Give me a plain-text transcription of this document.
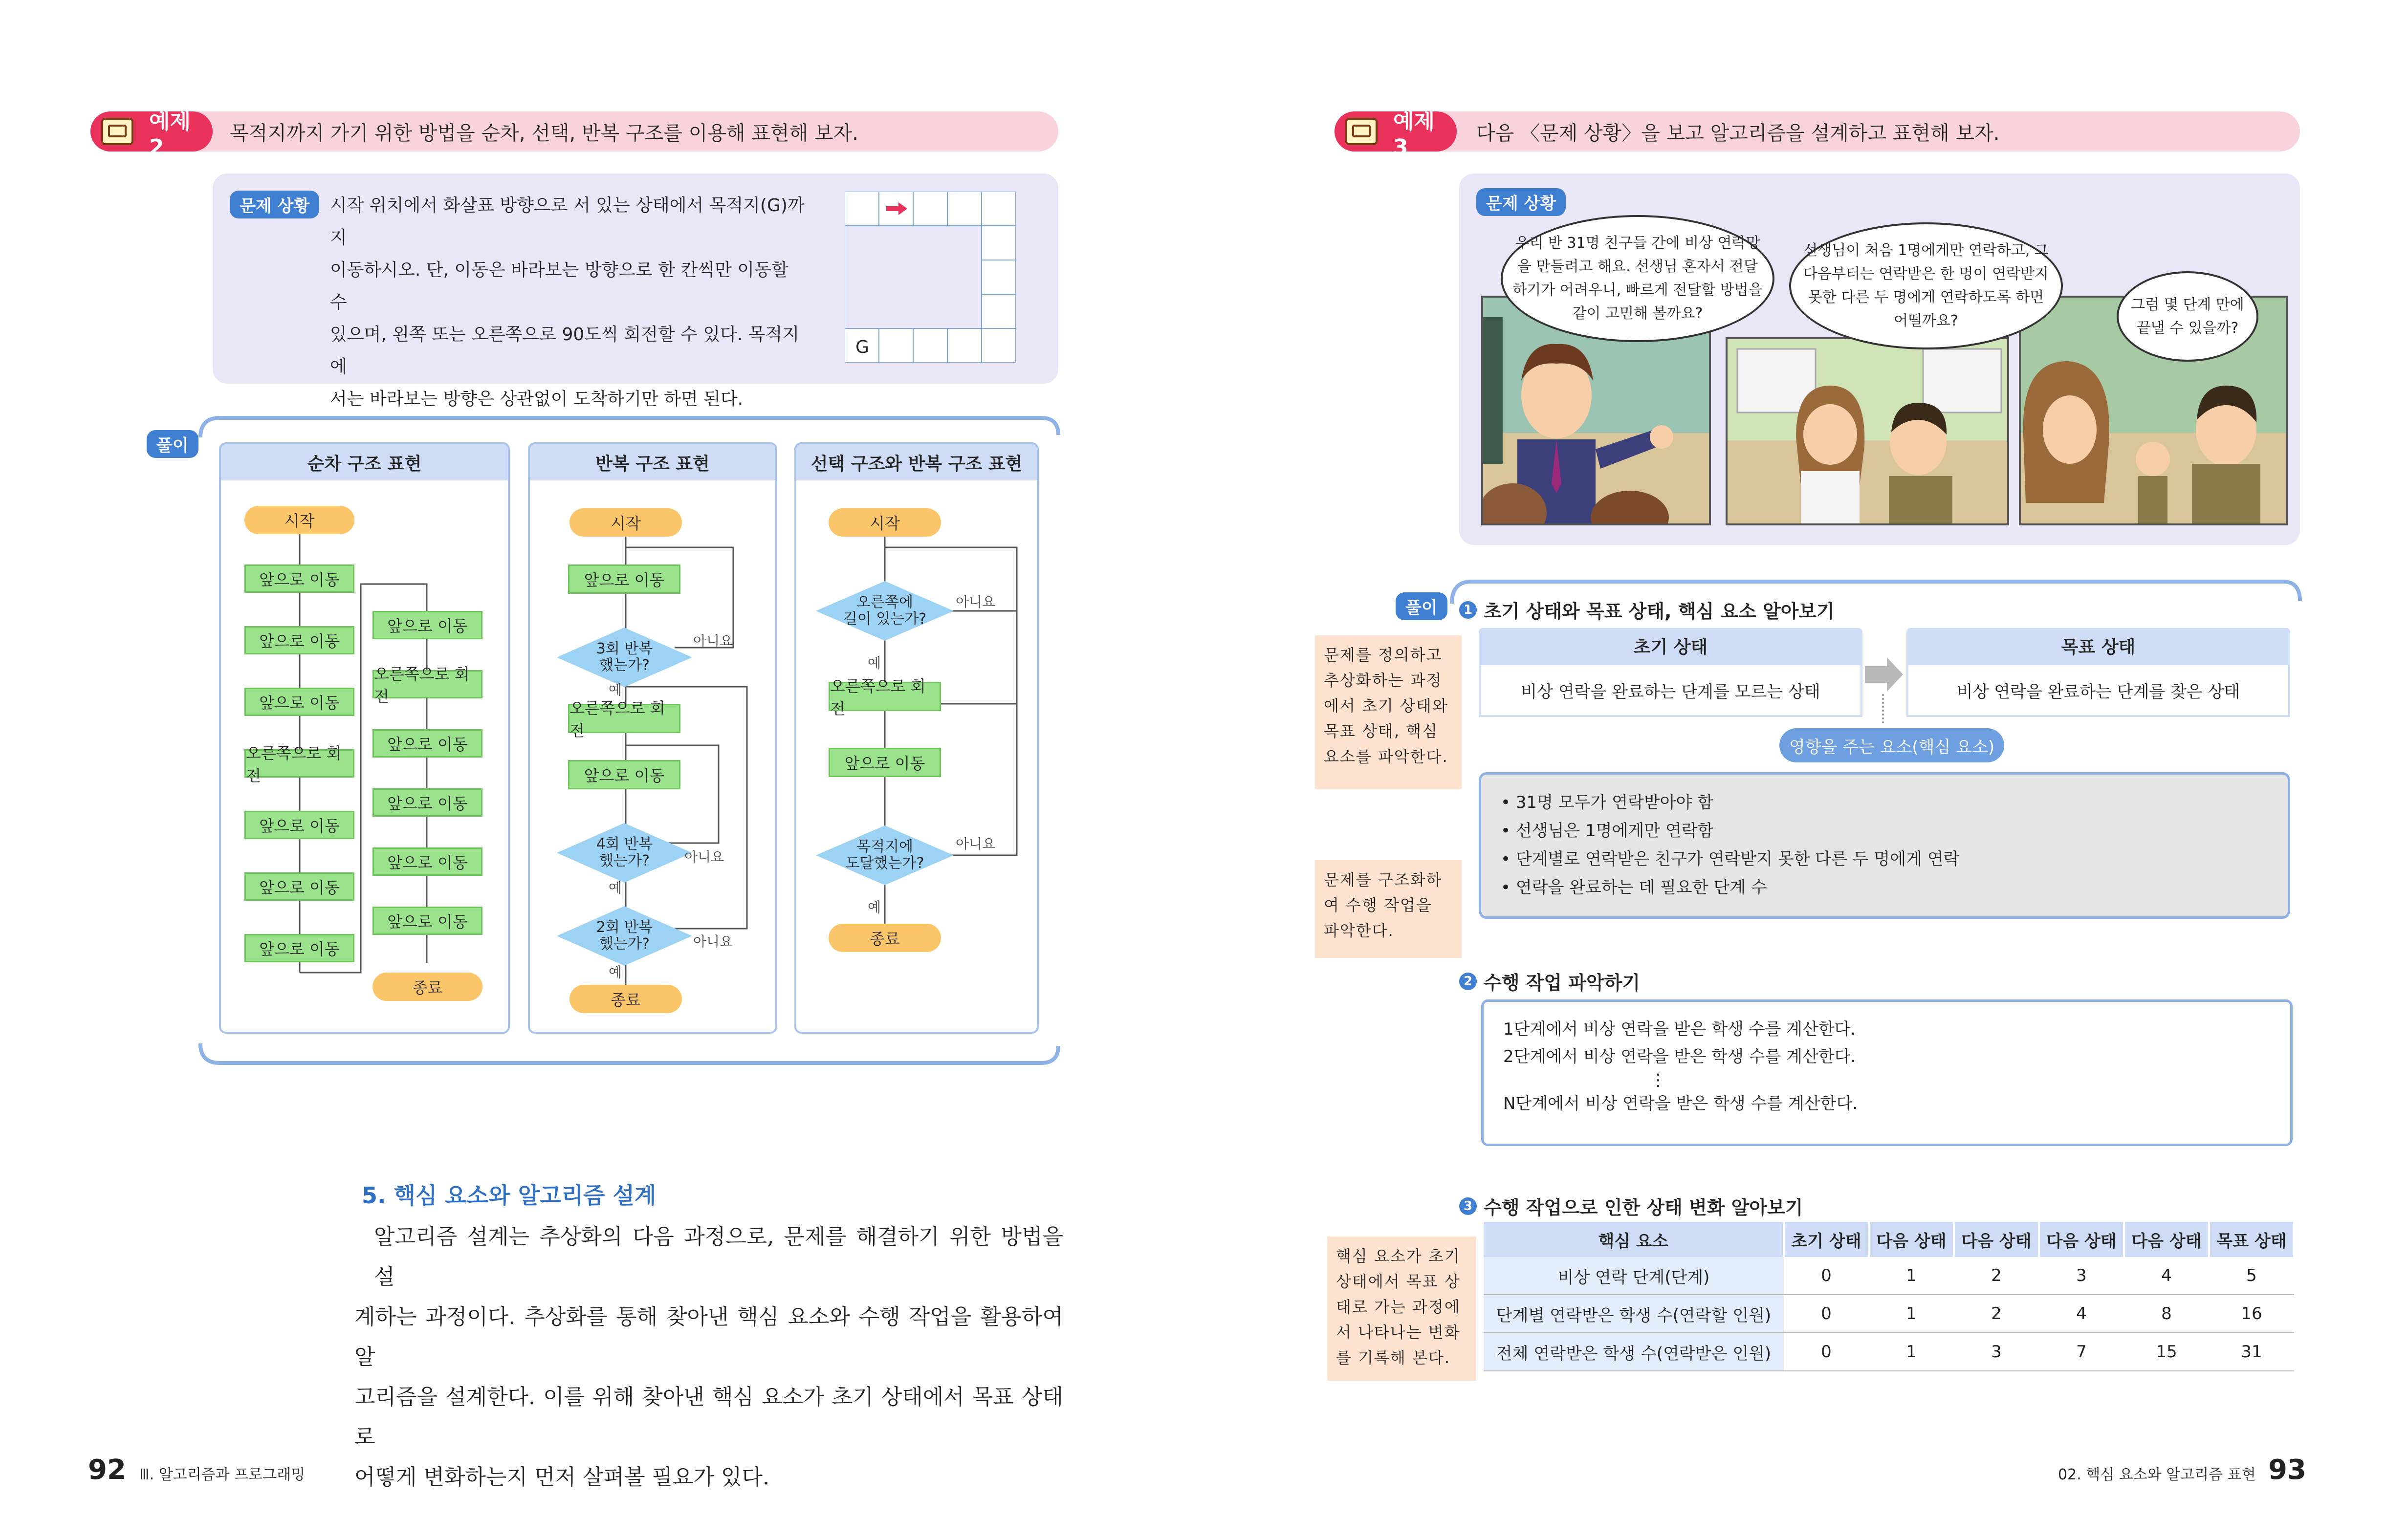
예제 2
목적지까지 가기 위한 방법을 순차, 선택, 반복 구조를 이용해 표현해 보자.
문제 상황	시작 위치에서 화살표 방향으로 서 있는 상태에서 목적지(G)까지
이동하시오. 단, 이동은 바라보는 방향으로 한 칸씩만 이동할 수
있으며, 왼쪽 또는 오른쪽으로 90도씩 회전할 수 있다. 목적지에
서는 바라보는 방향은 상관없이 도착하기만 하면 된다.
G
풀이
순차 구조 표현
시작
앞으로 이동
앞으로 이동
앞으로 이동
오른쪽으로 회전
앞으로 이동
앞으로 이동
앞으로 이동
앞으로 이동
오른쪽으로 회전
앞으로 이동
앞으로 이동
앞으로 이동
앞으로 이동
종료
반복 구조 표현
시작
앞으로 이동
3회 반복
했는가?
아니요
예
오른쪽으로 회전
앞으로 이동
4회 반복
했는가?	아니요
예
2회 반복
했는가?	아니요
예
종료
선택 구조와 반복 구조 표현
시작
오른쪽에
길이 있는가?
아니요
예
오른쪽으로 회전
앞으로 이동
목적지에
도달했는가?
아니요
예
종료
5. 핵심 요소와 알고리즘 설계
알고리즘 설계는 추상화의 다음 과정으로, 문제를 해결하기 위한 방법을 설
계하는 과정이다. 추상화를 통해 찾아낸 핵심 요소와 수행 작업을 활용하여 알
고리즘을 설계한다. 이를 위해 찾아낸 핵심 요소가 초기 상태에서 목표 상태로
어떻게 변화하는지 먼저 살펴볼 필요가 있다.
92 Ⅲ. 알고리즘과 프로그래밍
예제 3
다음 〈문제 상황〉을 보고 알고리즘을 설계하고 표현해 보자.
문제 상황
우리 반 31명 친구들 간에 비상 연락망을 만들려고 해요. 선생님 혼자서 전달하기가 어려우니, 빠르게 전달할 방법을 같이 고민해 볼까요?
선생님이 처음 1명에게만 연락하고, 그다음부터는 연락받은 한 명이 연락받지 못한 다른 두 명에게 연락하도록 하면 어떨까요?
그럼 몇 단계 만에 끝낼 수 있을까?
풀이	1 초기 상태와 목표 상태, 핵심 요소 알아보기
문제를 정의하고 추상화하는 과정에서 초기 상태와 목표 상태, 핵심 요소를 파악한다.
초기 상태
비상 연락을 완료하는 단계를 모르는 상태
목표 상태
비상 연락을 완료하는 단계를 찾은 상태
영향을 주는 요소(핵심 요소)
• 31명 모두가 연락받아야 함
• 선생님은 1명에게만 연락함
• 단계별로 연락받은 친구가 연락받지 못한 다른 두 명에게 연락
• 연락을 완료하는 데 필요한 단계 수
문제를 구조화하여 수행 작업을 파악한다.
2 수행 작업 파악하기
1단계에서 비상 연락을 받은 학생 수를 계산한다.
2단계에서 비상 연락을 받은 학생 수를 계산한다.
⋮
N단계에서 비상 연락을 받은 학생 수를 계산한다.
3 수행 작업으로 인한 상태 변화 알아보기
핵심 요소가 초기 상태에서 목표 상태로 가는 과정에서 나타나는 변화를 기록해 본다.
핵심 요소	초기 상태	다음 상태	다음 상태	다음 상태	다음 상태	목표 상태
비상 연락 단계(단계)	0	1	2	3	4	5
단계별 연락받은 학생 수(연락할 인원)	0	1	2	4	8	16
전체 연락받은 학생 수(연락받은 인원)	0	1	3	7	15	31
02. 핵심 요소와 알고리즘 표현 93
